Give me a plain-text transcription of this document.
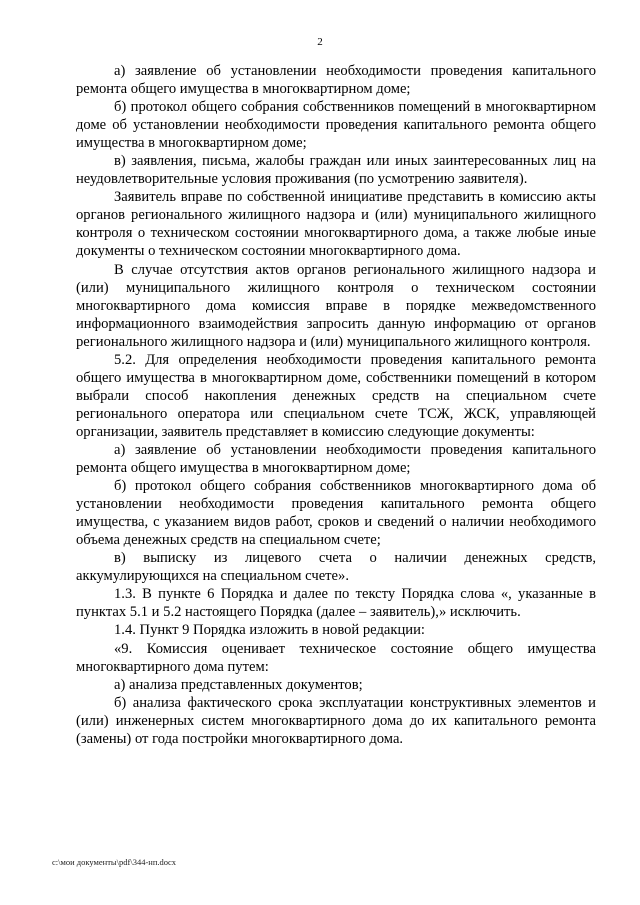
2

а) заявление об установлении необходимости проведения капитального ремонта общего имущества в многоквартирном доме;

б) протокол общего собрания собственников помещений в многоквартирном доме об установлении необходимости проведения капитального ремонта общего имущества в многоквартирном доме;

в) заявления, письма, жалобы граждан или иных заинтересованных лиц на неудовлетворительные условия проживания (по усмотрению заявителя).

Заявитель вправе по собственной инициативе представить в комиссию акты органов регионального жилищного надзора и (или) муниципального жилищного контроля о техническом состоянии многоквартирного дома, а также любые иные документы о техническом состоянии многоквартирного дома.

В случае отсутствия актов органов регионального жилищного надзора и (или) муниципального жилищного контроля о техническом состоянии многоквартирного дома комиссия вправе в порядке межведомственного информационного взаимодействия запросить данную информацию от органов регионального жилищного надзора и (или) муниципального жилищного контроля.

5.2. Для определения необходимости проведения капитального ремонта общего имущества в многоквартирном доме, собственники помещений в котором выбрали способ накопления денежных средств на специальном счете регионального оператора или специальном счете ТСЖ, ЖСК, управляющей организации, заявитель представляет в комиссию следующие документы:

а) заявление об установлении необходимости проведения капитального ремонта общего имущества в многоквартирном доме;

б) протокол общего собрания собственников многоквартирного дома об установлении необходимости проведения капитального ремонта общего имущества, с указанием видов работ, сроков и сведений о наличии необходимого объема денежных средств на специальном счете;

в) выписку из лицевого счета о наличии денежных средств, аккумулирующихся на специальном счете».

1.3. В пункте 6 Порядка и далее по тексту Порядка слова «, указанные в пунктах 5.1 и 5.2 настоящего Порядка (далее – заявитель),» исключить.

1.4. Пункт 9 Порядка изложить в новой редакции:

«9. Комиссия оценивает техническое состояние общего имущества многоквартирного дома путем:

а) анализа представленных документов;

б) анализа фактического срока эксплуатации конструктивных элементов и (или) инженерных систем многоквартирного дома до их капитального ремонта (замены) от года постройки многоквартирного дома.

c:\мои документы\pdf\344-нп.docx
